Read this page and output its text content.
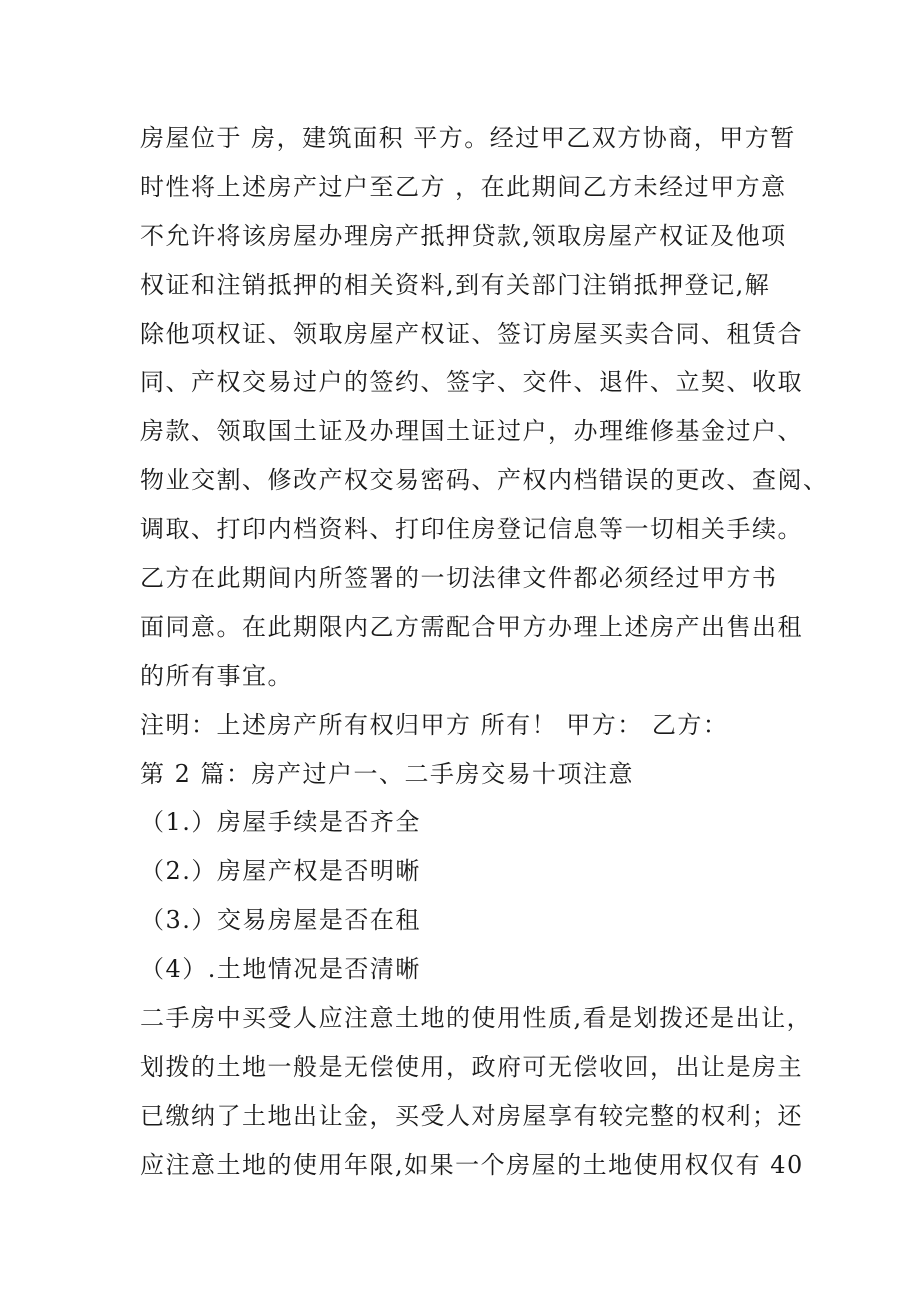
房屋位于 房，建筑面积 平方。经过甲乙双方协商，甲方暂
时性将上述房产过户至乙方 ，在此期间乙方未经过甲方意
不允许将该房屋办理房产抵押贷款,领取房屋产权证及他项
权证和注销抵押的相关资料,到有关部门注销抵押登记,解
除他项权证、领取房屋产权证、签订房屋买卖合同、租赁合
同、产权交易过户的签约、签字、交件、退件、立契、收取
房款、领取国土证及办理国土证过户，办理维修基金过户、
物业交割、修改产权交易密码、产权内档错误的更改、查阅、
调取、打印内档资料、打印住房登记信息等一切相关手续。
乙方在此期间内所签署的一切法律文件都必须经过甲方书
面同意。在此期限内乙方需配合甲方办理上述房产出售出租
的所有事宜。
注明：上述房产所有权归甲方 所有！ 甲方： 乙方：
第 2 篇：房产过户一、二手房交易十项注意
（1.）房屋手续是否齐全
（2.）房屋产权是否明晰
（3.）交易房屋是否在租
（4）.土地情况是否清晰
二手房中买受人应注意土地的使用性质,看是划拨还是出让，
划拨的土地一般是无偿使用，政府可无偿收回，出让是房主
已缴纳了土地出让金，买受人对房屋享有较完整的权利；还
应注意土地的使用年限,如果一个房屋的土地使用权仅有 40
